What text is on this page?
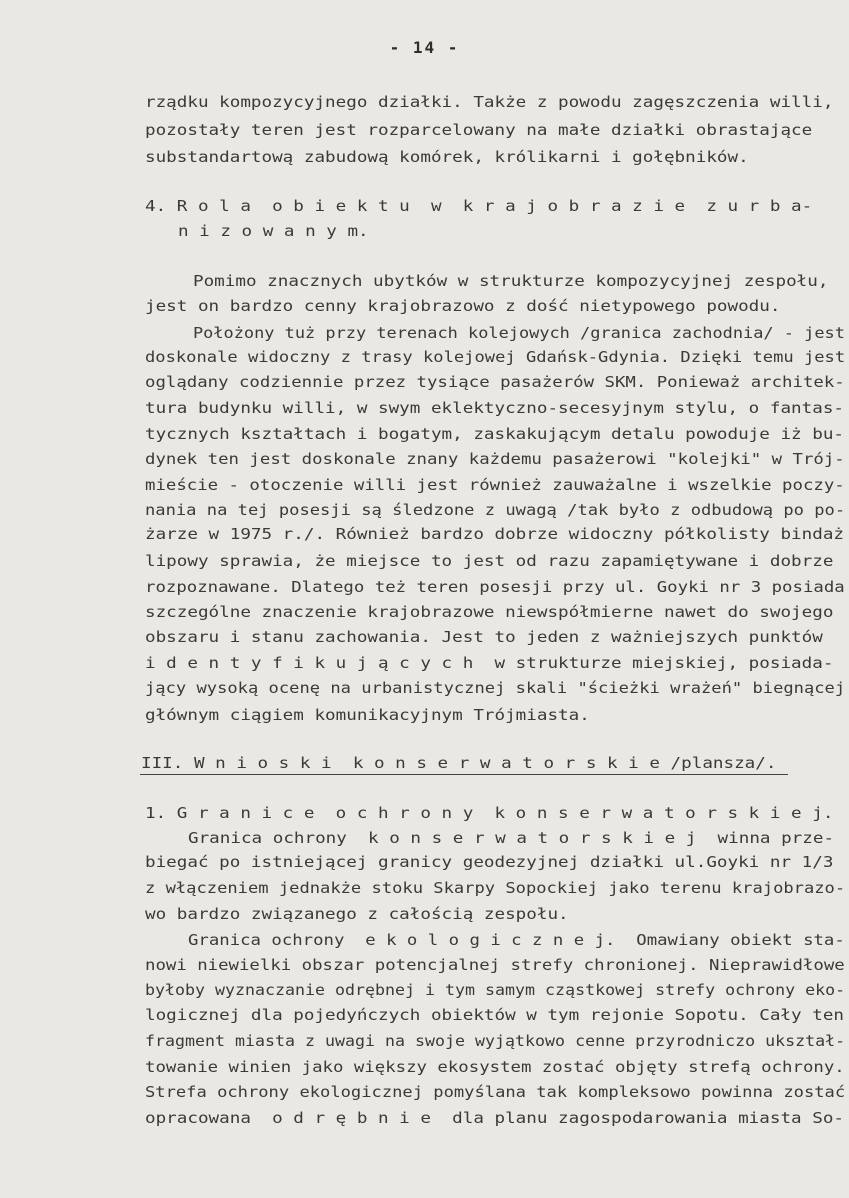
- 14 -
rządku kompozycyjnego działki. Także z powodu zagęszczenia willi,
pozostały teren jest rozparcelowany na małe działki obrastające
substandartową zabudową komórek, królikarni i gołębników.
4. R o l a  o b i e k t u  w  k r a j o b r a z i e  z u r b a-
n i z o w a n y m.
Pomimo znacznych ubytków w strukturze kompozycyjnej zespołu,
jest on bardzo cenny krajobrazowo z dość nietypowego powodu.
Położony tuż przy terenach kolejowych /granica zachodnia/ - jest
doskonale widoczny z trasy kolejowej Gdańsk-Gdynia. Dzięki temu jest
oglądany codziennie przez tysiące pasażerów SKM. Ponieważ architek-
tura budynku willi, w swym eklektyczno-secesyjnym stylu, o fantas-
tycznych kształtach i bogatym, zaskakującym detalu powoduje iż bu-
dynek ten jest doskonale znany każdemu pasażerowi "kolejki" w Trój-
mieście - otoczenie willi jest również zauważalne i wszelkie poczy-
nania na tej posesji są śledzone z uwagą /tak było z odbudową po po-
żarze w 1975 r./. Również bardzo dobrze widoczny półkolisty bindaż
lipowy sprawia, że miejsce to jest od razu zapamiętywane i dobrze
rozpoznawane. Dlatego też teren posesji przy ul. Goyki nr 3 posiada
szczególne znaczenie krajobrazowe niewspółmierne nawet do swojego
obszaru i stanu zachowania. Jest to jeden z ważniejszych punktów
i d e n t y f i k u j ą c y c h  w strukturze miejskiej, posiada-
jący wysoką ocenę na urbanistycznej skali "ścieżki wrażeń" biegnącej
głównym ciągiem komunikacyjnym Trójmiasta.
III. W n i o s k i  k o n s e r w a t o r s k i e /plansza/.
1. G r a n i c e  o c h r o n y  k o n s e r w a t o r s k i e j.
Granica ochrony  k o n s e r w a t o r s k i e j  winna prze-
biegać po istniejącej granicy geodezyjnej działki ul.Goyki nr 1/3
z włączeniem jednakże stoku Skarpy Sopockiej jako terenu krajobrazo-
wo bardzo związanego z całością zespołu.
Granica ochrony  e k o l o g i c z n e j.  Omawiany obiekt sta-
nowi niewielki obszar potencjalnej strefy chronionej. Nieprawidłowe
byłoby wyznaczanie odrębnej i tym samym cząstkowej strefy ochrony eko-
logicznej dla pojedyńczych obiektów w tym rejonie Sopotu. Cały ten
fragment miasta z uwagi na swoje wyjątkowo cenne przyrodniczo ukształ-
towanie winien jako większy ekosystem zostać objęty strefą ochrony.
Strefa ochrony ekologicznej pomyślana tak kompleksowo powinna zostać
opracowana  o d r ę b n i e  dla planu zagospodarowania miasta So-
